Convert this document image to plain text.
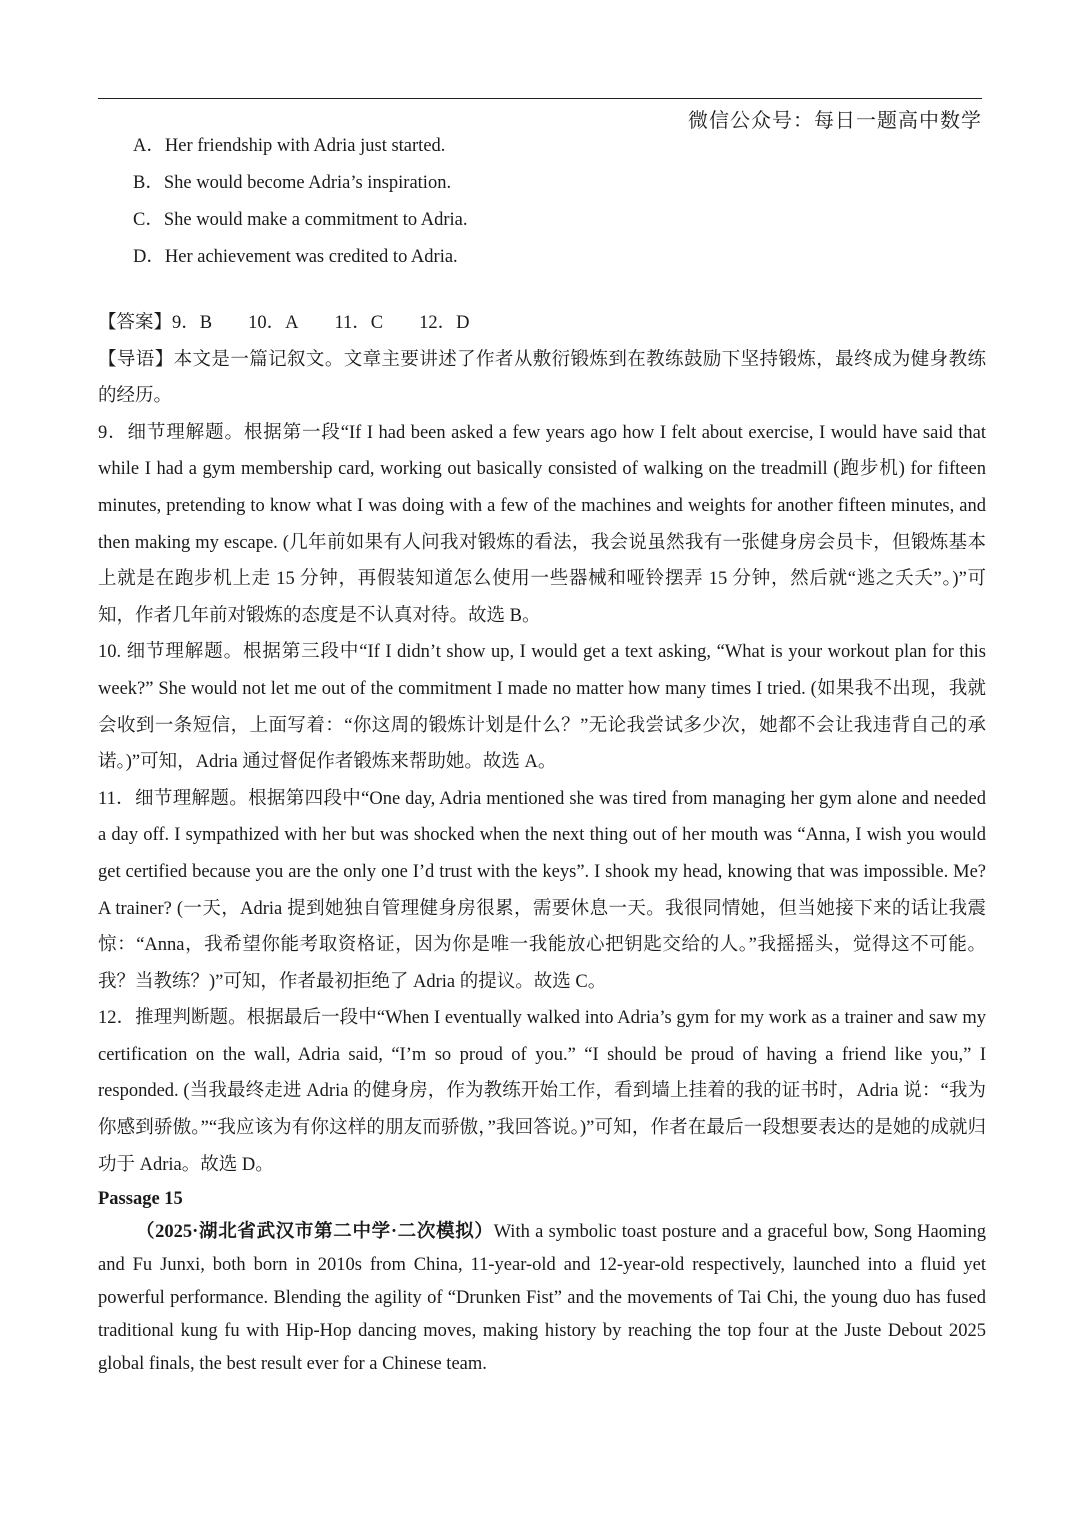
微信公众号：每日一题高中数学
A．Her friendship with Adria just started.
B．She would become Adria’s inspiration.
C．She would make a commitment to Adria.
D．Her achievement was credited to Adria.

【答案】9．B 10．A 11．C 12．D

【导语】本文是一篇记叙文。文章主要讲述了作者从敷衍锻炼到在教练鼓励下坚持锻炼，最终成为健身教练的经历。

9．细节理解题。根据第一段“If I had been asked a few years ago how I felt about exercise, I would have said that while I had a gym membership card, working out basically consisted of walking on the treadmill (跑步机) for fifteen minutes, pretending to know what I was doing with a few of the machines and weights for another fifteen minutes, and then making my escape. (几年前如果有人问我对锻炼的看法，我会说虽然我有一张健身房会员卡，但锻炼基本上就是在跑步机上走 15 分钟，再假装知道怎么使用一些器械和哑铃摆弄 15 分钟，然后就“逃之夭夭”。)”可知，作者几年前对锻炼的态度是不认真对待。故选 B。

10. 细节理解题。根据第三段中“If I didn’t show up, I would get a text asking, “What is your workout plan for this week?” She would not let me out of the commitment I made no matter how many times I tried. (如果我不出现，我就会收到一条短信，上面写着：“你这周的锻炼计划是什么？”无论我尝试多少次，她都不会让我违背自己的承诺。)”可知，Adria 通过督促作者锻炼来帮助她。故选 A。

11．细节理解题。根据第四段中“One day, Adria mentioned she was tired from managing her gym alone and needed a day off. I sympathized with her but was shocked when the next thing out of her mouth was “Anna, I wish you would get certified because you are the only one I’d trust with the keys”. I shook my head, knowing that was impossible. Me? A trainer? (一天，Adria 提到她独自管理健身房很累，需要休息一天。我很同情她，但当她接下来的话让我震惊：“Anna，我希望你能考取资格证，因为你是唯一我能放心把钥匙交给的人。”我摇摇头，觉得这不可能。我？当教练？)”可知，作者最初拒绝了 Adria 的提议。故选 C。

12．推理判断题。根据最后一段中“When I eventually walked into Adria’s gym for my work as a trainer and saw my certification on the wall, Adria said, “I’m so proud of you.” “I should be proud of having a friend like you,” I responded. (当我最终走进 Adria 的健身房，作为教练开始工作，看到墙上挂着的我的证书时，Adria 说：“我为你感到骄傲。”“我应该为有你这样的朋友而骄傲，”我回答说。)”可知，作者在最后一段想要表达的是她的成就归功于 Adria。故选 D。

Passage 15

（2025·湖北省武汉市第二中学·二次模拟）With a symbolic toast posture and a graceful bow, Song Haoming and Fu Junxi, both born in 2010s from China, 11-year-old and 12-year-old respectively, launched into a fluid yet powerful performance. Blending the agility of “Drunken Fist” and the movements of Tai Chi, the young duo has fused traditional kung fu with Hip-Hop dancing moves, making history by reaching the top four at the Juste Debout 2025 global finals, the best result ever for a Chinese team.
